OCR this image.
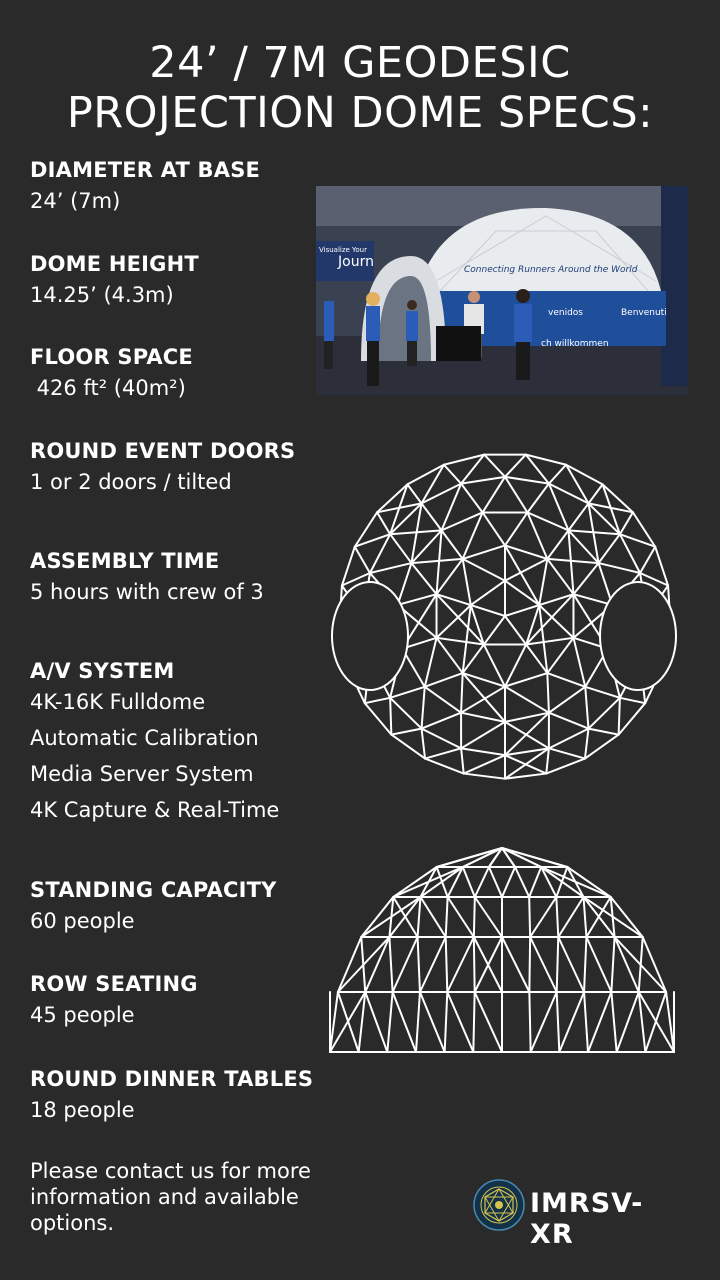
24’ / 7M GEODESIC
PROJECTION DOME SPECS:
DIAMETER AT BASE
24’ (7m)
DOME HEIGHT
14.25’ (4.3m)
FLOOR SPACE
426 ft² (40m²)
ROUND EVENT DOORS
1 or 2 doors / tilted
ASSEMBLY TIME
5 hours with crew of 3
A/V SYSTEM
4K-16K Fulldome
Automatic Calibration
Media Server System
4K Capture & Real-Time
STANDING CAPACITY
60 people
ROW SEATING
45 people
ROUND DINNER TABLES
18 people
Visualize Your
Journ	Connecting Runners Around the World
venidos	Benvenuti
ch willkommen
Please contact us for more
information and available
options.
IMRSV-XR
